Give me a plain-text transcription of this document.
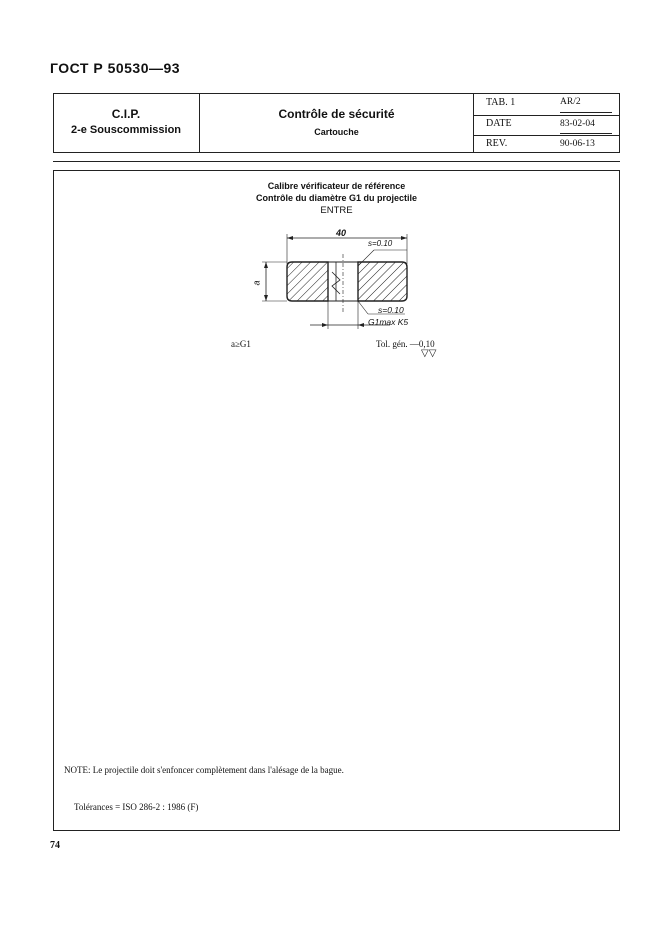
ГОСТ Р 50530—93
C.I.P.
2-e Souscommission
Contrôle de sécurité
Cartouche
TAB. 1	AR/2
DATE	83-02-04
REV.	90-06-13
Calibre vérificateur de référence
Contrôle du diamètre G1 du projectile
ENTRE
40
s=0.10
a
s=0.10
G1max K5
a≥G1	Tol. gén. —0,10
▽▽
NOTE: Le projectile doit s'enfoncer complètement dans l'alésage de la bague.
Tolérances = ISO 286-2 : 1986 (F)
74
